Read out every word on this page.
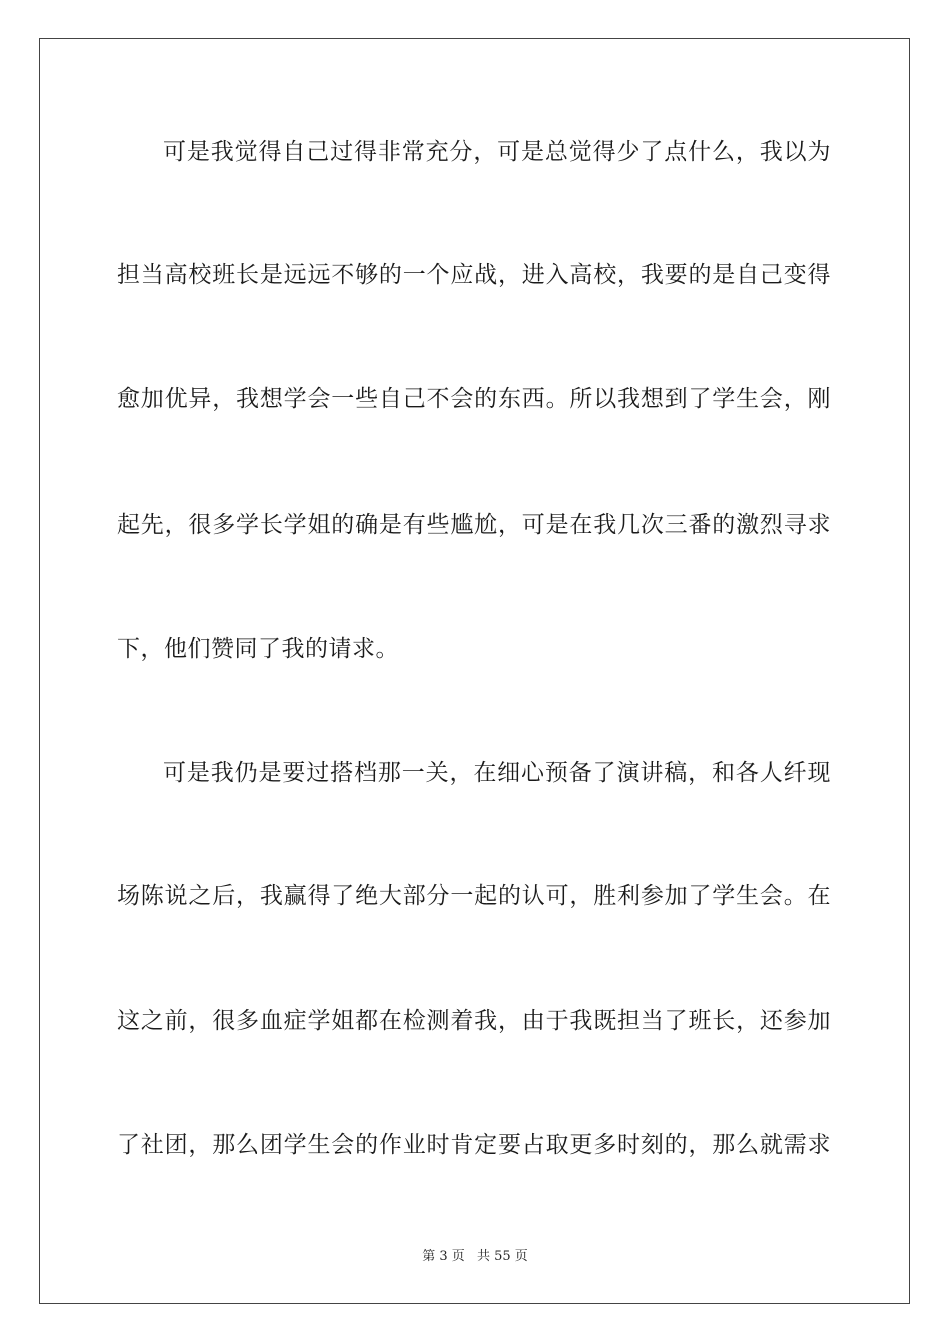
可是我觉得自己过得非常充分，可是总觉得少了点什么，我以为
担当高校班长是远远不够的一个应战，进入高校，我要的是自己变得
愈加优异，我想学会一些自己不会的东西。所以我想到了学生会，刚
起先，很多学长学姐的确是有些尴尬，可是在我几次三番的激烈寻求
下，他们赞同了我的请求。
可是我仍是要过搭档那一关，在细心预备了演讲稿，和各人纤现
场陈说之后，我赢得了绝大部分一起的认可，胜利参加了学生会。在
这之前，很多血症学姐都在检测着我，由于我既担当了班长，还参加
了社团，那么团学生会的作业时肯定要占取更多时刻的，那么就需求
第 3 页 共 55 页
